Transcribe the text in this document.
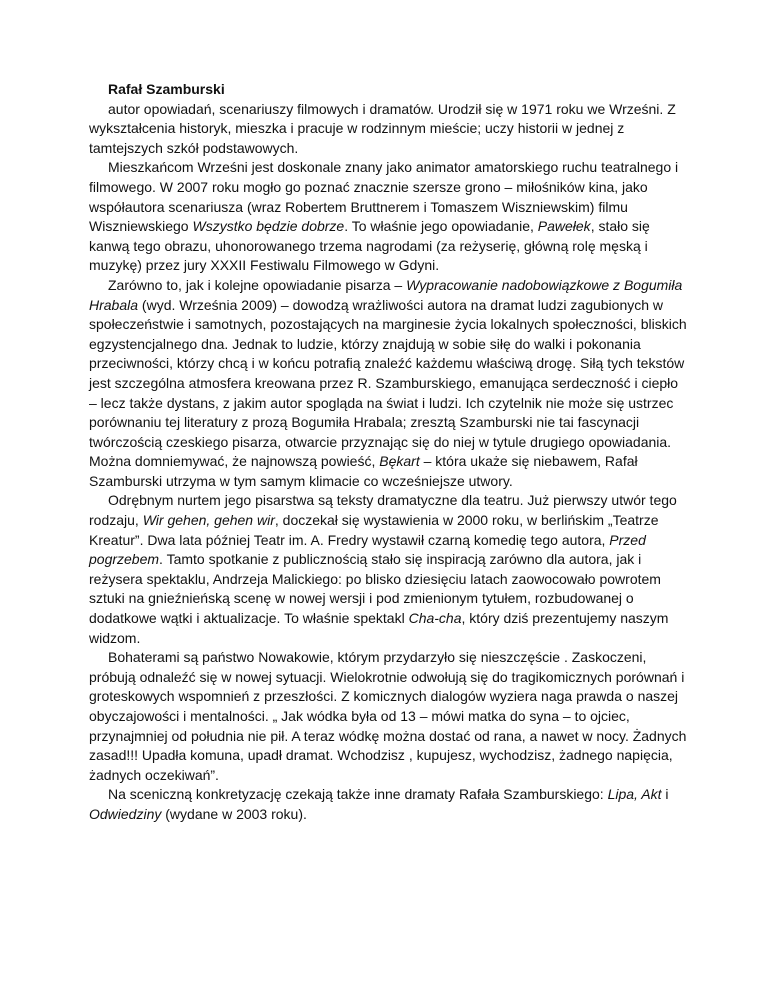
Rafał Szamburski

autor opowiadań, scenariuszy filmowych i dramatów. Urodził się w 1971 roku we Wrześni. Z wykształcenia historyk, mieszka i pracuje w rodzinnym mieście; uczy historii w jednej z tamtejszych szkół podstawowych.

Mieszkańcom Wrześni jest doskonale znany jako animator amatorskiego ruchu teatralnego i filmowego. W 2007 roku mogło go poznać znacznie szersze grono – miłośników kina, jako współautora scenariusza (wraz Robertem Bruttnerem i Tomaszem Wiszniewskim) filmu Wiszniewskiego Wszystko będzie dobrze. To właśnie jego opowiadanie, Pawełek, stało się kanwą tego obrazu, uhonorowanego trzema nagrodami (za reżyserię, główną rolę męską i muzykę) przez jury XXXII Festiwalu Filmowego w Gdyni.

Zarówno to, jak i kolejne opowiadanie pisarza – Wypracowanie nadobowiązkowe z Bogumiła Hrabala (wyd. Września 2009) – dowodzą wrażliwości autora na dramat ludzi zagubionych w społeczeństwie i samotnych, pozostających na marginesie życia lokalnych społeczności, bliskich egzystencjalnego dna. Jednak to ludzie, którzy znajdują w sobie siłę do walki i pokonania przeciwności, którzy chcą i w końcu potrafią znaleźć każdemu właściwą drogę. Siłą tych tekstów jest szczególna atmosfera kreowana przez R. Szamburskiego, emanująca serdeczność i ciepło – lecz także dystans, z jakim autor spogląda na świat i ludzi. Ich czytelnik nie może się ustrzec porównaniu tej literatury z prozą Bogumiła Hrabala; zresztą Szamburski nie tai fascynacji twórczością czeskiego pisarza, otwarcie przyznając się do niej w tytule drugiego opowiadania. Można domniemywać, że najnowszą powieść, Bękart – która ukaże się niebawem, Rafał Szamburski utrzyma w tym samym klimacie co wcześniejsze utwory.

Odrębnym nurtem jego pisarstwa są teksty dramatyczne dla teatru. Już pierwszy utwór tego rodzaju, Wir gehen, gehen wir, doczekał się wystawienia w 2000 roku, w berlińskim „Teatrze Kreatur”. Dwa lata później Teatr im. A. Fredry wystawił czarną komedię tego autora, Przed pogrzebem. Tamto spotkanie z publicznością stało się inspiracją zarówno dla autora, jak i reżysera spektaklu, Andrzeja Malickiego: po blisko dziesięciu latach zaowocowało powrotem sztuki na gnieźnieńską scenę w nowej wersji i pod zmienionym tytułem, rozbudowanej o dodatkowe wątki i aktualizacje. To właśnie spektakl Cha-cha, który dziś prezentujemy naszym widzom.

Bohaterami są państwo Nowakowie, którym przydarzyło się nieszczęście . Zaskoczeni, próbują odnaleźć się w nowej sytuacji. Wielokrotnie odwołują się do tragikomicznych porównań i groteskowych wspomnień z przeszłości. Z komicznych dialogów wyziera naga prawda o naszej obyczajowości i mentalności. „ Jak wódka była od 13 – mówi matka do syna – to ojciec, przynajmniej od południa nie pił. A teraz wódkę można dostać od rana, a nawet w nocy. Żadnych zasad!!! Upadła komuna, upadł dramat. Wchodzisz , kupujesz, wychodzisz, żadnego napięcia, żadnych oczekiwań”.

Na sceniczną konkretyzację czekają także inne dramaty Rafała Szamburskiego: Lipa, Akt i Odwiedziny (wydane w 2003 roku).
